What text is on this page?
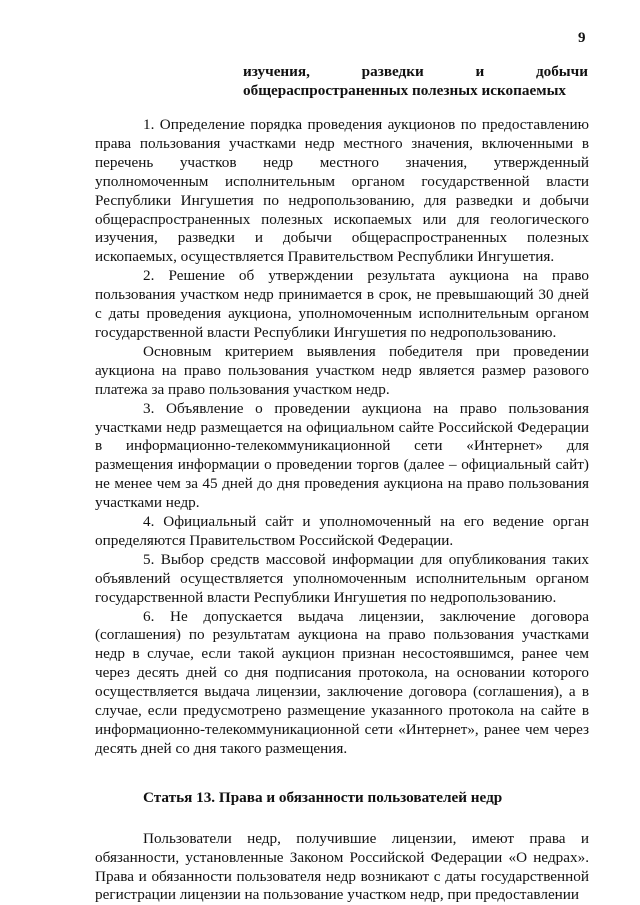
9
изучения, разведки и добычи
общераспространенных полезных ископаемых

1. Определение порядка проведения аукционов по предоставлению права пользования участками недр местного значения, включенными в перечень участков недр местного значения, утвержденный уполномоченным исполнительным органом государственной власти Республики Ингушетия по недропользованию, для разведки и добычи общераспространенных полезных ископаемых или для геологического изучения, разведки и добычи общераспространенных полезных ископаемых, осуществляется Правительством Республики Ингушетия.

2. Решение об утверждении результата аукциона на право пользования участком недр принимается в срок, не превышающий 30 дней с даты проведения аукциона, уполномоченным исполнительным органом государственной власти Республики Ингушетия по недропользованию.

Основным критерием выявления победителя при проведении аукциона на право пользования участком недр является размер разового платежа за право пользования участком недр.

3. Объявление о проведении аукциона на право пользования участками недр размещается на официальном сайте Российской Федерации в информационно-телекоммуникационной сети «Интернет» для размещения информации о проведении торгов (далее – официальный сайт) не менее чем за 45 дней до дня проведения аукциона на право пользования участками недр.

4. Официальный сайт и уполномоченный на его ведение орган определяются Правительством Российской Федерации.

5. Выбор средств массовой информации для опубликования таких объявлений осуществляется уполномоченным исполнительным органом государственной власти Республики Ингушетия по недропользованию.

6. Не допускается выдача лицензии, заключение договора (соглашения) по результатам аукциона на право пользования участками недр в случае, если такой аукцион признан несостоявшимся, ранее чем через десять дней со дня подписания протокола, на основании которого осуществляется выдача лицензии, заключение договора (соглашения), а в случае, если предусмотрено размещение указанного протокола на сайте в информационно-телекоммуникационной сети «Интернет», ранее чем через десять дней со дня такого размещения.

Статья 13. Права и обязанности пользователей недр

Пользователи недр, получившие лицензии, имеют права и обязанности, установленные Законом Российской Федерации «О недрах». Права и обязанности пользователя недр возникают с даты государственной регистрации лицензии на пользование участком недр, при предоставлении
